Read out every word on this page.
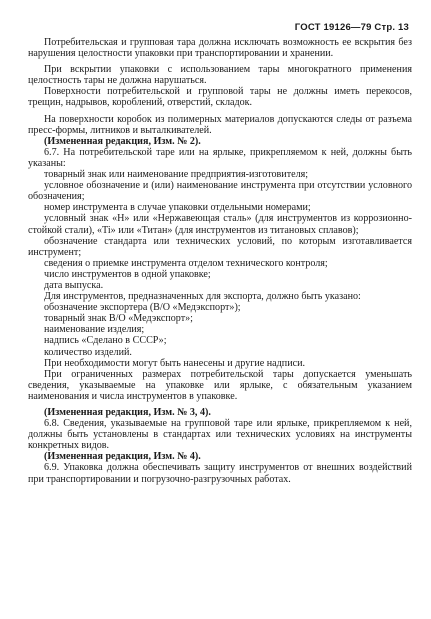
ГОСТ 19126—79 Стр. 13

Потребительская и групповая тара должна исключать возможность ее вскрытия без нарушения целостности упаковки при транспортировании и хранении.

При вскрытии упаковки с использованием тары многократного применения целостность тары не должна нарушаться.

Поверхности потребительской и групповой тары не должны иметь перекосов, трещин, надрывов, короблений, отверстий, складок.

На поверхности коробок из полимерных материалов допускаются следы от разъема пресс-формы, литников и выталкивателей.

(Измененная редакция, Изм. № 2).

6.7. На потребительской таре или на ярлыке, прикрепляемом к ней, должны быть указаны:

товарный знак или наименование предприятия-изготовителя;

условное обозначение и (или) наименование инструмента при отсутствии условного обозначения;

номер инструмента в случае упаковки отдельными номерами;

условный знак «Н» или «Нержавеющая сталь» (для инструментов из коррозионно-стойкой стали), «Ti» или «Титан» (для инструментов из титановых сплавов);

обозначение стандарта или технических условий, по которым изготавливается инструмент;

сведения о приемке инструмента отделом технического контроля;

число инструментов в одной упаковке;

дата выпуска.

Для инструментов, предназначенных для экспорта, должно быть указано:

обозначение экспортера (В/О «Медэкспорт»);

товарный знак В/О «Медэкспорт»;

наименование изделия;

надпись «Сделано в СССР»;

количество изделий.

При необходимости могут быть нанесены и другие надписи.

При ограниченных размерах потребительской тары допускается уменьшать сведения, указываемые на упаковке или ярлыке, с обязательным указанием наименования и числа инструментов в упаковке.

(Измененная редакция, Изм. № 3, 4).

6.8. Сведения, указываемые на групповой таре или ярлыке, прикрепляемом к ней, должны быть установлены в стандартах или технических условиях на инструменты конкретных видов.

(Измененная редакция, Изм. № 4).

6.9. Упаковка должна обеспечивать защиту инструментов от внешних воздействий при транспортировании и погрузочно-разгрузочных работах.
